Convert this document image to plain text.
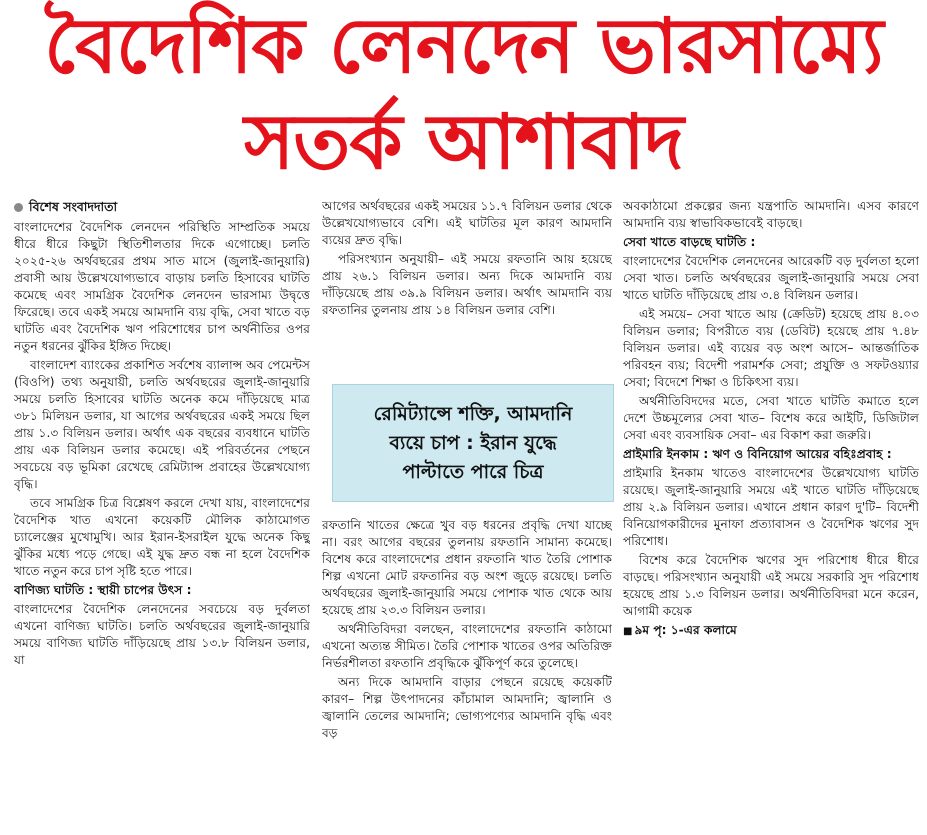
বৈদেশিক লেনদেন ভারসাম্যে
সতর্ক আশাবাদ
বিশেষ সংবাদদাতা

বাংলাদেশের বৈদেশিক লেনদেন পরিস্থিতি সাম্প্রতিক সময়ে ধীরে ধীরে কিছুটা স্থিতিশীলতার দিকে এগোচ্ছে। চলতি ২০২৫-২৬ অর্থবছরের প্রথম সাত মাসে (জুলাই-জানুয়ারি) প্রবাসী আয় উল্লেখযোগ্যভাবে বাড়ায় চলতি হিসাবের ঘাটতি কমেছে এবং সামগ্রিক বৈদেশিক লেনদেন ভারসাম্য উদ্বৃত্তে ফিরেছে। তবে একই সময়ে আমদানি ব্যয় বৃদ্ধি, সেবা খাতে বড় ঘাটতি এবং বৈদেশিক ঋণ পরিশোধের চাপ অর্থনীতির ওপর নতুন ধরনের ঝুঁকির ইঙ্গিত দিচ্ছে।

বাংলাদেশ ব্যাংকের প্রকাশিত সর্বশেষ ব্যালান্স অব পেমেন্টস (বিওপি) তথ্য অনুযায়ী, চলতি অর্থবছরের জুলাই-জানুয়ারি সময়ে চলতি হিসাবের ঘাটতি অনেক কমে দাঁড়িয়েছে মাত্র ৩৮১ মিলিয়ন ডলার, যা আগের অর্থবছরের একই সময়ে ছিল প্রায় ১.৩ বিলিয়ন ডলার। অর্থাৎ এক বছরের ব্যবধানে ঘাটতি প্রায় এক বিলিয়ন ডলার কমেছে। এই পরিবর্তনের পেছনে সবচেয়ে বড় ভূমিকা রেখেছে রেমিট্যান্স প্রবাহের উল্লেখযোগ্য বৃদ্ধি।

তবে সামগ্রিক চিত্র বিশ্লেষণ করলে দেখা যায়, বাংলাদেশের বৈদেশিক খাত এখনো কয়েকটি মৌলিক কাঠামোগত চ্যালেঞ্জের মুখোমুখি। আর ইরান-ইসরাইল যুদ্ধে অনেক কিছু ঝুঁকির মধ্যে পড়ে গেছে। এই যুদ্ধ দ্রুত বন্ধ না হলে বৈদেশিক খাতে নতুন করে চাপ সৃষ্টি হতে পারে।

বাণিজ্য ঘাটতি : স্থায়ী চাপের উৎস :

বাংলাদেশের বৈদেশিক লেনদেনের সবচেয়ে বড় দুর্বলতা এখনো বাণিজ্য ঘাটতি। চলতি অর্থবছরের জুলাই-জানুয়ারি সময়ে বাণিজ্য ঘাটতি দাঁড়িয়েছে প্রায় ১৩.৮ বিলিয়ন ডলার, যা

আগের অর্থবছরের একই সময়ের ১১.৭ বিলিয়ন ডলার থেকে উল্লেখযোগ্যভাবে বেশি। এই ঘাটতির মূল কারণ আমদানি ব্যয়ের দ্রুত বৃদ্ধি।

পরিসংখ্যান অনুযায়ী– এই সময়ে রফতানি আয় হয়েছে প্রায় ২৬.১ বিলিয়ন ডলার। অন্য দিকে আমদানি ব্যয় দাঁড়িয়েছে প্রায় ৩৯.৯ বিলিয়ন ডলার। অর্থাৎ আমদানি ব্যয় রফতানির তুলনায় প্রায় ১৪ বিলিয়ন ডলার বেশি।

রেমিট্যান্সে শক্তি, আমদানি
ব্যয়ে চাপ : ইরান যুদ্ধে
পাল্টাতে পারে চিত্র

রফতানি খাতের ক্ষেত্রে খুব বড় ধরনের প্রবৃদ্ধি দেখা যাচ্ছে না। বরং আগের বছরের তুলনায় রফতানি সামান্য কমেছে। বিশেষ করে বাংলাদেশের প্রধান রফতানি খাত তৈরি পোশাক শিল্প এখনো মোট রফতানির বড় অংশ জুড়ে রয়েছে। চলতি অর্থবছরের জুলাই-জানুয়ারি সময়ে পোশাক খাত থেকে আয় হয়েছে প্রায় ২৩.৩ বিলিয়ন ডলার।

অর্থনীতিবিদরা বলছেন, বাংলাদেশের রফতানি কাঠামো এখনো অত্যন্ত সীমিত। তৈরি পোশাক খাতের ওপর অতিরিক্ত নির্ভরশীলতা রফতানি প্রবৃদ্ধিকে ঝুঁকিপূর্ণ করে তুলেছে।

অন্য দিকে আমদানি বাড়ার পেছনে রয়েছে কয়েকটি কারণ– শিল্প উৎপাদনের কাঁচামাল আমদানি; জ্বালানি ও জ্বালানি তেলের আমদানি; ভোগ্যপণ্যের আমদানি বৃদ্ধি এবং বড়

অবকাঠামো প্রকল্পের জন্য যন্ত্রপাতি আমদানি। এসব কারণে আমদানি ব্যয় স্বাভাবিকভাবেই বাড়ছে।

সেবা খাতে বাড়ছে ঘাটতি :

বাংলাদেশের বৈদেশিক লেনদেনের আরেকটি বড় দুর্বলতা হলো সেবা খাত। চলতি অর্থবছরের জুলাই-জানুয়ারি সময়ে সেবা খাতে ঘাটতি দাঁড়িয়েছে প্রায় ৩.৪ বিলিয়ন ডলার।

এই সময়ে– সেবা খাতে আয় (ক্রেডিট) হয়েছে প্রায় ৪.০৩ বিলিয়ন ডলার; বিপরীতে ব্যয় (ডেবিট) হয়েছে প্রায় ৭.৪৮ বিলিয়ন ডলার। এই ব্যয়ের বড় অংশ আসে– আন্তর্জাতিক পরিবহন ব্যয়; বিদেশী পরামর্শক সেবা; প্রযুক্তি ও সফটওয়্যার সেবা; বিদেশে শিক্ষা ও চিকিৎসা ব্যয়।

অর্থনীতিবিদদের মতে, সেবা খাতে ঘাটতি কমাতে হলে দেশে উচ্চমূল্যের সেবা খাত– বিশেষ করে আইটি, ডিজিটাল সেবা এবং ব্যবসায়িক সেবা– এর বিকাশ করা জরুরি।

প্রাইমারি ইনকাম : ঋণ ও বিনিয়োগ আয়ের বহিঃপ্রবাহ :

প্রাইমারি ইনকাম খাতেও বাংলাদেশের উল্লেখযোগ্য ঘাটতি রয়েছে। জুলাই-জানুয়ারি সময়ে এই খাতে ঘাটতি দাঁড়িয়েছে প্রায় ২.৯ বিলিয়ন ডলার। এখানে প্রধান কারণ দু'টি– বিদেশী বিনিয়োগকারীদের মুনাফা প্রত্যাবাসন ও বৈদেশিক ঋণের সুদ পরিশোধ।

বিশেষ করে বৈদেশিক ঋণের সুদ পরিশোধ ধীরে ধীরে বাড়ছে। পরিসংখ্যান অনুযায়ী এই সময়ে সরকারি সুদ পরিশোধ হয়েছে প্রায় ১.৩ বিলিয়ন ডলার। অর্থনীতিবিদরা মনে করেন, আগামী কয়েক

■ ৯ম পৃ: ১-এর কলামে
